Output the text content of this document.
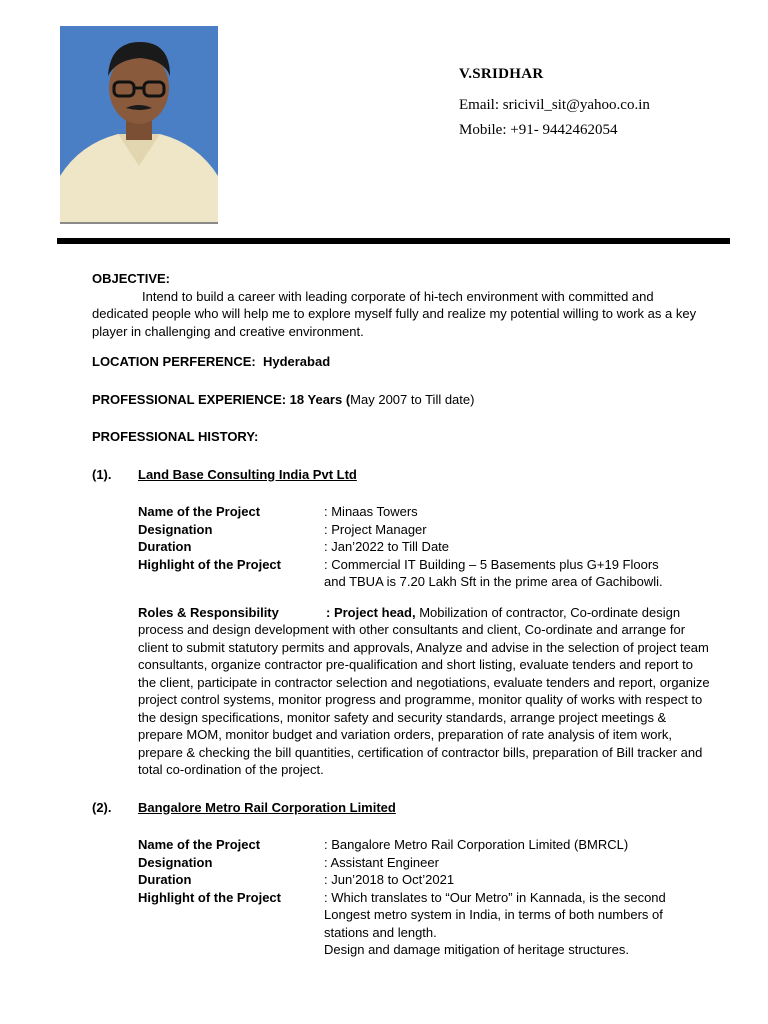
V.SRIDHAR
Email: sricivil_sit@yahoo.co.in
Mobile: +91- 9442462054
OBJECTIVE:

Intend to build a career with leading corporate of hi-tech environment with committed and dedicated people who will help me to explore myself fully and realize my potential willing to work as a key player in challenging and creative environment.

LOCATION PERFERENCE: Hyderabad
PROFESSIONAL EXPERIENCE: 18 Years (May 2007 to Till date)
PROFESSIONAL HISTORY:
(1).	Land Base Consulting India Pvt Ltd
Name of the Project	: Minaas Towers
Designation	: Project Manager
Duration	: Jan’2022 to Till Date
Highlight of the Project	: Commercial IT Building – 5 Basements plus G+19 Floors
and TBUA is 7.20 Lakh Sft in the prime area of Gachibowli.

Roles & Responsibility	: Project head, Mobilization of contractor, Co-ordinate design process and design development with other consultants and client, Co-ordinate and arrange for client to submit statutory permits and approvals, Analyze and advise in the selection of project team consultants, organize contractor pre-qualification and short listing, evaluate tenders and report to the client, participate in contractor selection and negotiations, evaluate tenders and report, organize project control systems, monitor progress and programme, monitor quality of works with respect to the design specifications, monitor safety and security standards, arrange project meetings & prepare MOM, monitor budget and variation orders, preparation of rate analysis of item work, prepare & checking the bill quantities, certification of contractor bills, preparation of Bill tracker and total co-ordination of the project.

(2).	Bangalore Metro Rail Corporation Limited
Name of the Project	: Bangalore Metro Rail Corporation Limited (BMRCL)
Designation	: Assistant Engineer
Duration	: Jun’2018 to Oct’2021
Highlight of the Project	: Which translates to “Our Metro” in Kannada, is the second
Longest metro system in India, in terms of both numbers of
stations and length.
Design and damage mitigation of heritage structures.
